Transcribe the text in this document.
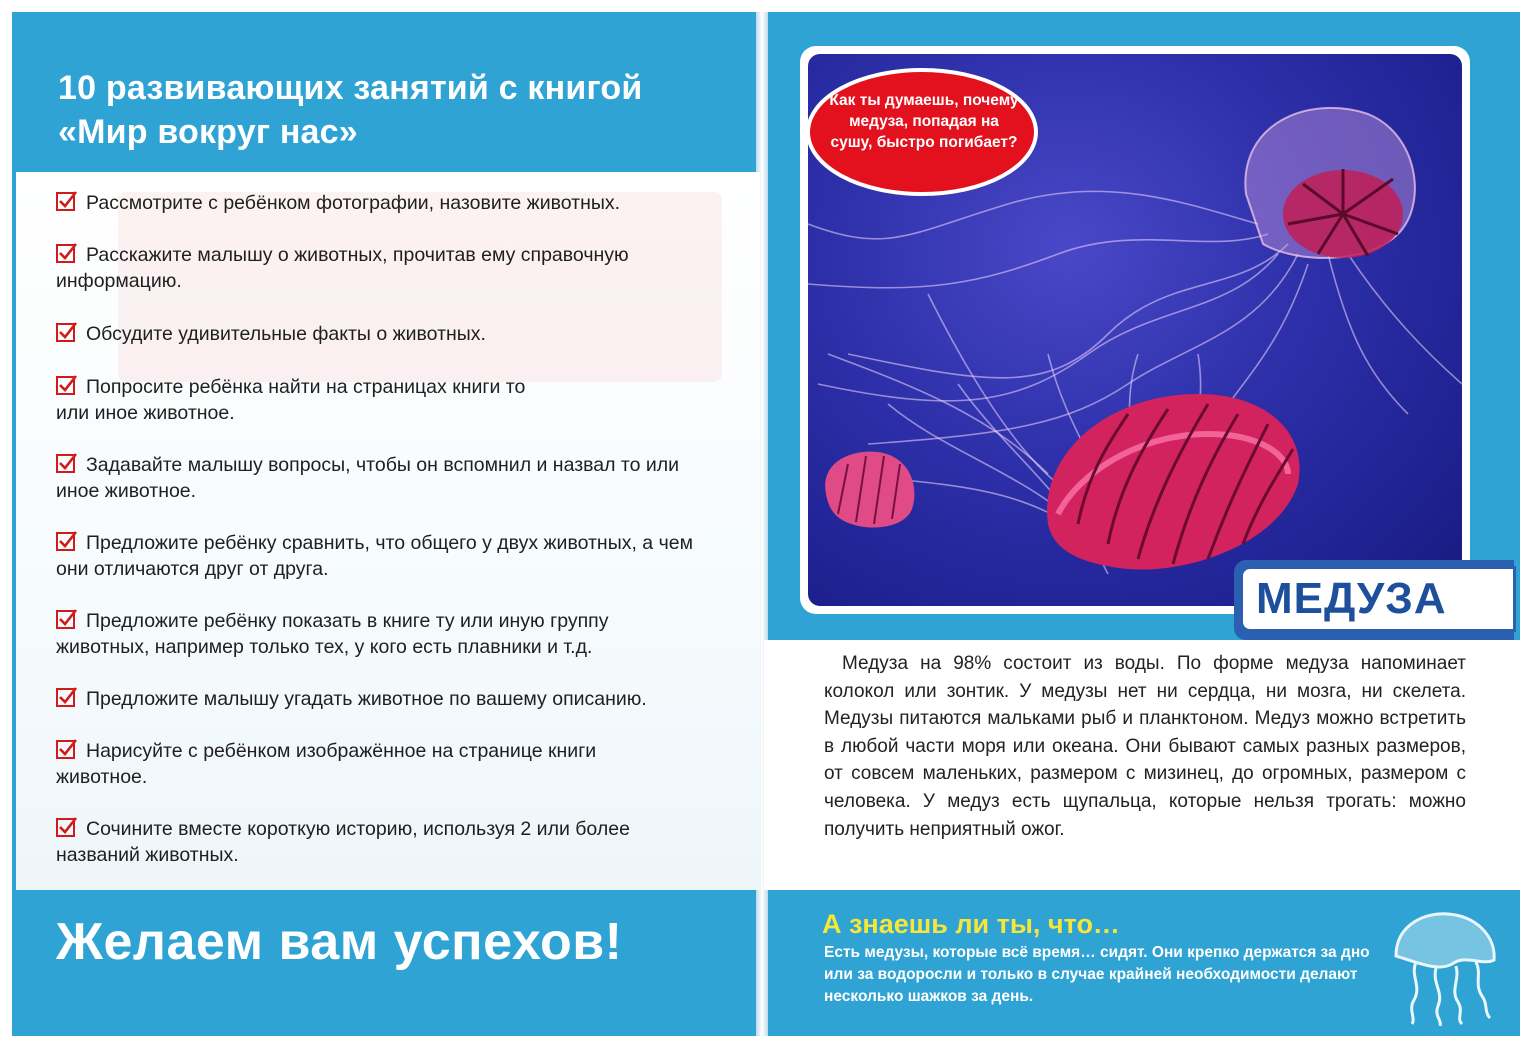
10 развивающих занятий с книгой
«Мир вокруг нас»
Рассмотрите с ребёнком фотографии, назовите животных.
Расскажите малышу о животных, прочитав ему справочную информацию.
Обсудите удивительные факты о животных.
Попросите ребёнка найти на страницах книги то или иное животное.
Задавайте малышу вопросы, чтобы он вспомнил и назвал то или иное животное.
Предложите ребёнку сравнить, что общего у двух животных, а чем они отличаются друг от друга.
Предложите ребёнку показать в книге ту или иную группу животных, например только тех, у кого есть плавники и т.д.
Предложите малышу угадать животное по вашему описанию.
Нарисуйте с ребёнком изображённое на странице книги животное.
Сочините вместе короткую историю, используя 2 или более названий животных.
Желаем вам успехов!
Как ты думаешь, почему медуза, попадая на сушу, быстро погибает?
МЕДУЗА
Медуза на 98% состоит из воды. По форме медуза напоминает колокол или зонтик. У медузы нет ни сердца, ни мозга, ни скелета. Медузы питаются мальками рыб и планктоном. Медуз можно встретить в любой части моря или океана. Они бывают самых разных размеров, от совсем маленьких, размером с мизинец, до огромных, размером с человека. У медуз есть щупальца, которые нельзя трогать: можно получить неприятный ожог.
А знаешь ли ты, что…
Есть медузы, которые всё время… сидят. Они крепко держатся за дно или за водоросли и только в случае крайней необходимости делают несколько шажков за день.
